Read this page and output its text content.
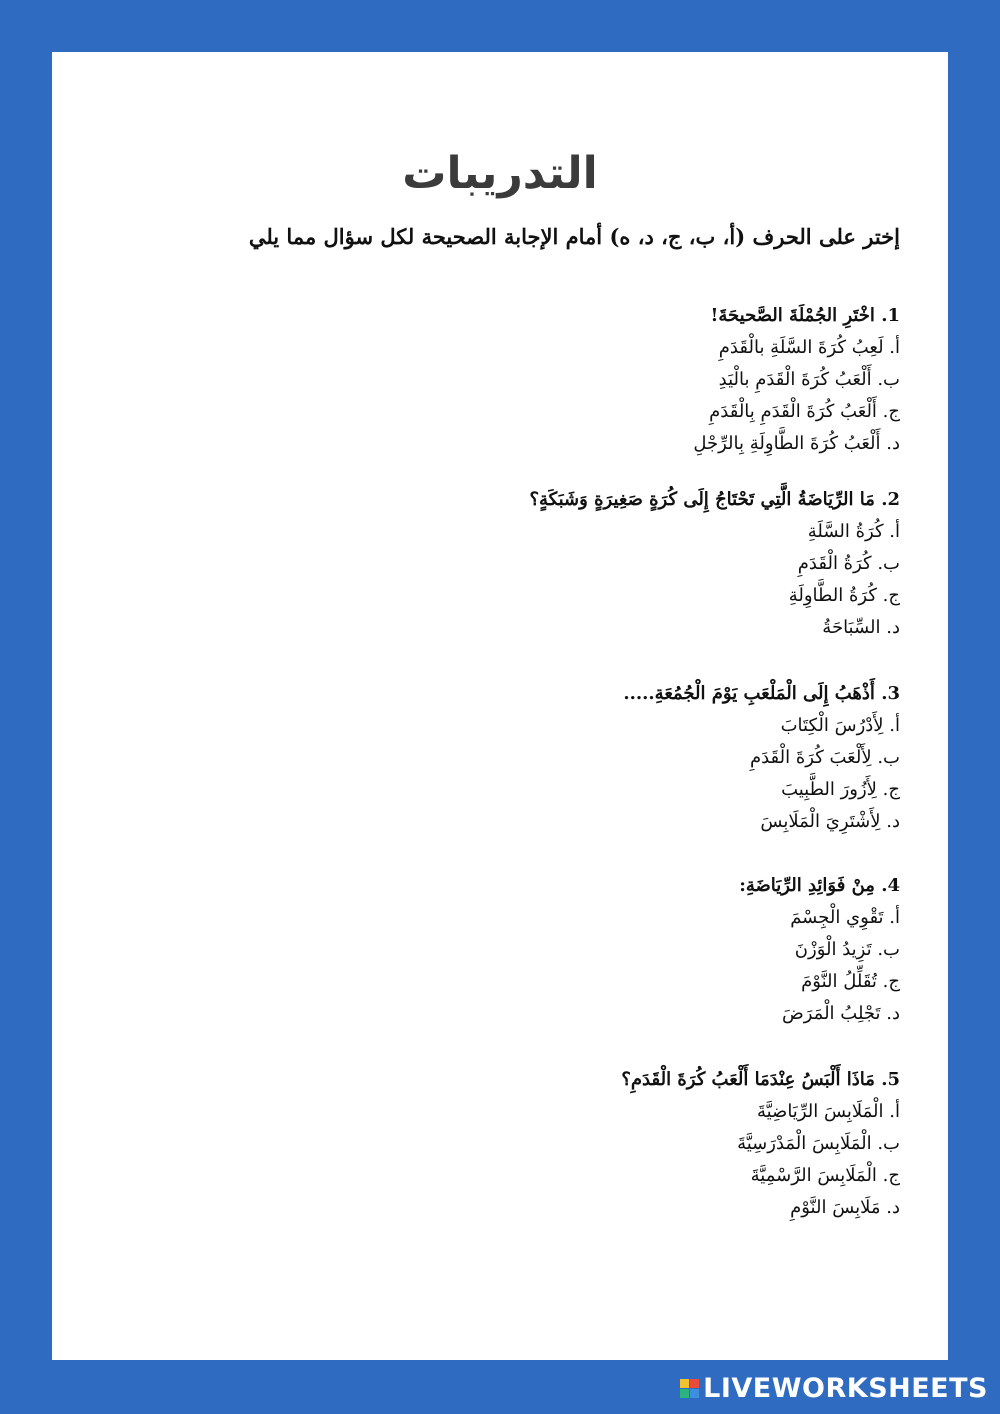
التدريبات
إختر على الحرف (أ، ب، ج، د، ه) أمام الإجابة الصحيحة لكل سؤال مما يلي

1. اخْتَرِ الجُمْلَةَ الصَّحيحَةَ!

أ. لَعِبُ كُرَةَ السَّلَةِ بالْقَدَمِ

ب. أَلْعَبُ كُرَةَ الْقَدَمِ بالْيَدِ

ج. أَلْعَبُ كُرَةَ الْقَدَمِ بِالْقَدَمِ

د. أَلْعَبُ كُرَةَ الطَّاوِلَةِ بِالرِّجْلِ

2. مَا الرِّيَاضَةُ الَّتِي تَحْتَاجُ إِلَى كُرَةٍ صَغِيرَةٍ وَشَبَكَةٍ؟

أ. كُرَةُ السَّلَةِ

ب. كُرَةُ الْقَدَمِ

ج. كُرَةُ الطَّاوِلَةِ

د. السِّبَاحَةُ

3. أَذْهَبُ إِلَى الْمَلْعَبِ يَوْمَ الْجُمُعَةِ.....

أ. لِأَدْرُسَ الْكِتَابَ

ب. لِأَلْعَبَ كُرَةَ الْقَدَمِ

ج. لِأَزُورَ الطَّبِيبَ

د. لِأَشْتَرِيَ الْمَلَابِسَ

4. مِنْ فَوَائِدِ الرِّيَاضَةِ:

أ. تَقْوِي الْجِسْمَ

ب. تَزِيدُ الْوَزْنَ

ج. تُقَلِّلُ النَّوْمَ

د. تَجْلِبُ الْمَرَضَ

5. مَاذَا أَلْبَسُ عِنْدَمَا أَلْعَبُ كُرَةَ الْقَدَمِ؟

أ. الْمَلَابِسَ الرِّيَاضِيَّةَ

ب. الْمَلَابِسَ الْمَدْرَسِيَّةَ

ج. الْمَلَابِسَ الرَّسْمِيَّةَ

د. مَلَابِسَ النَّوْمِ

LIVEWORKSHEETS
